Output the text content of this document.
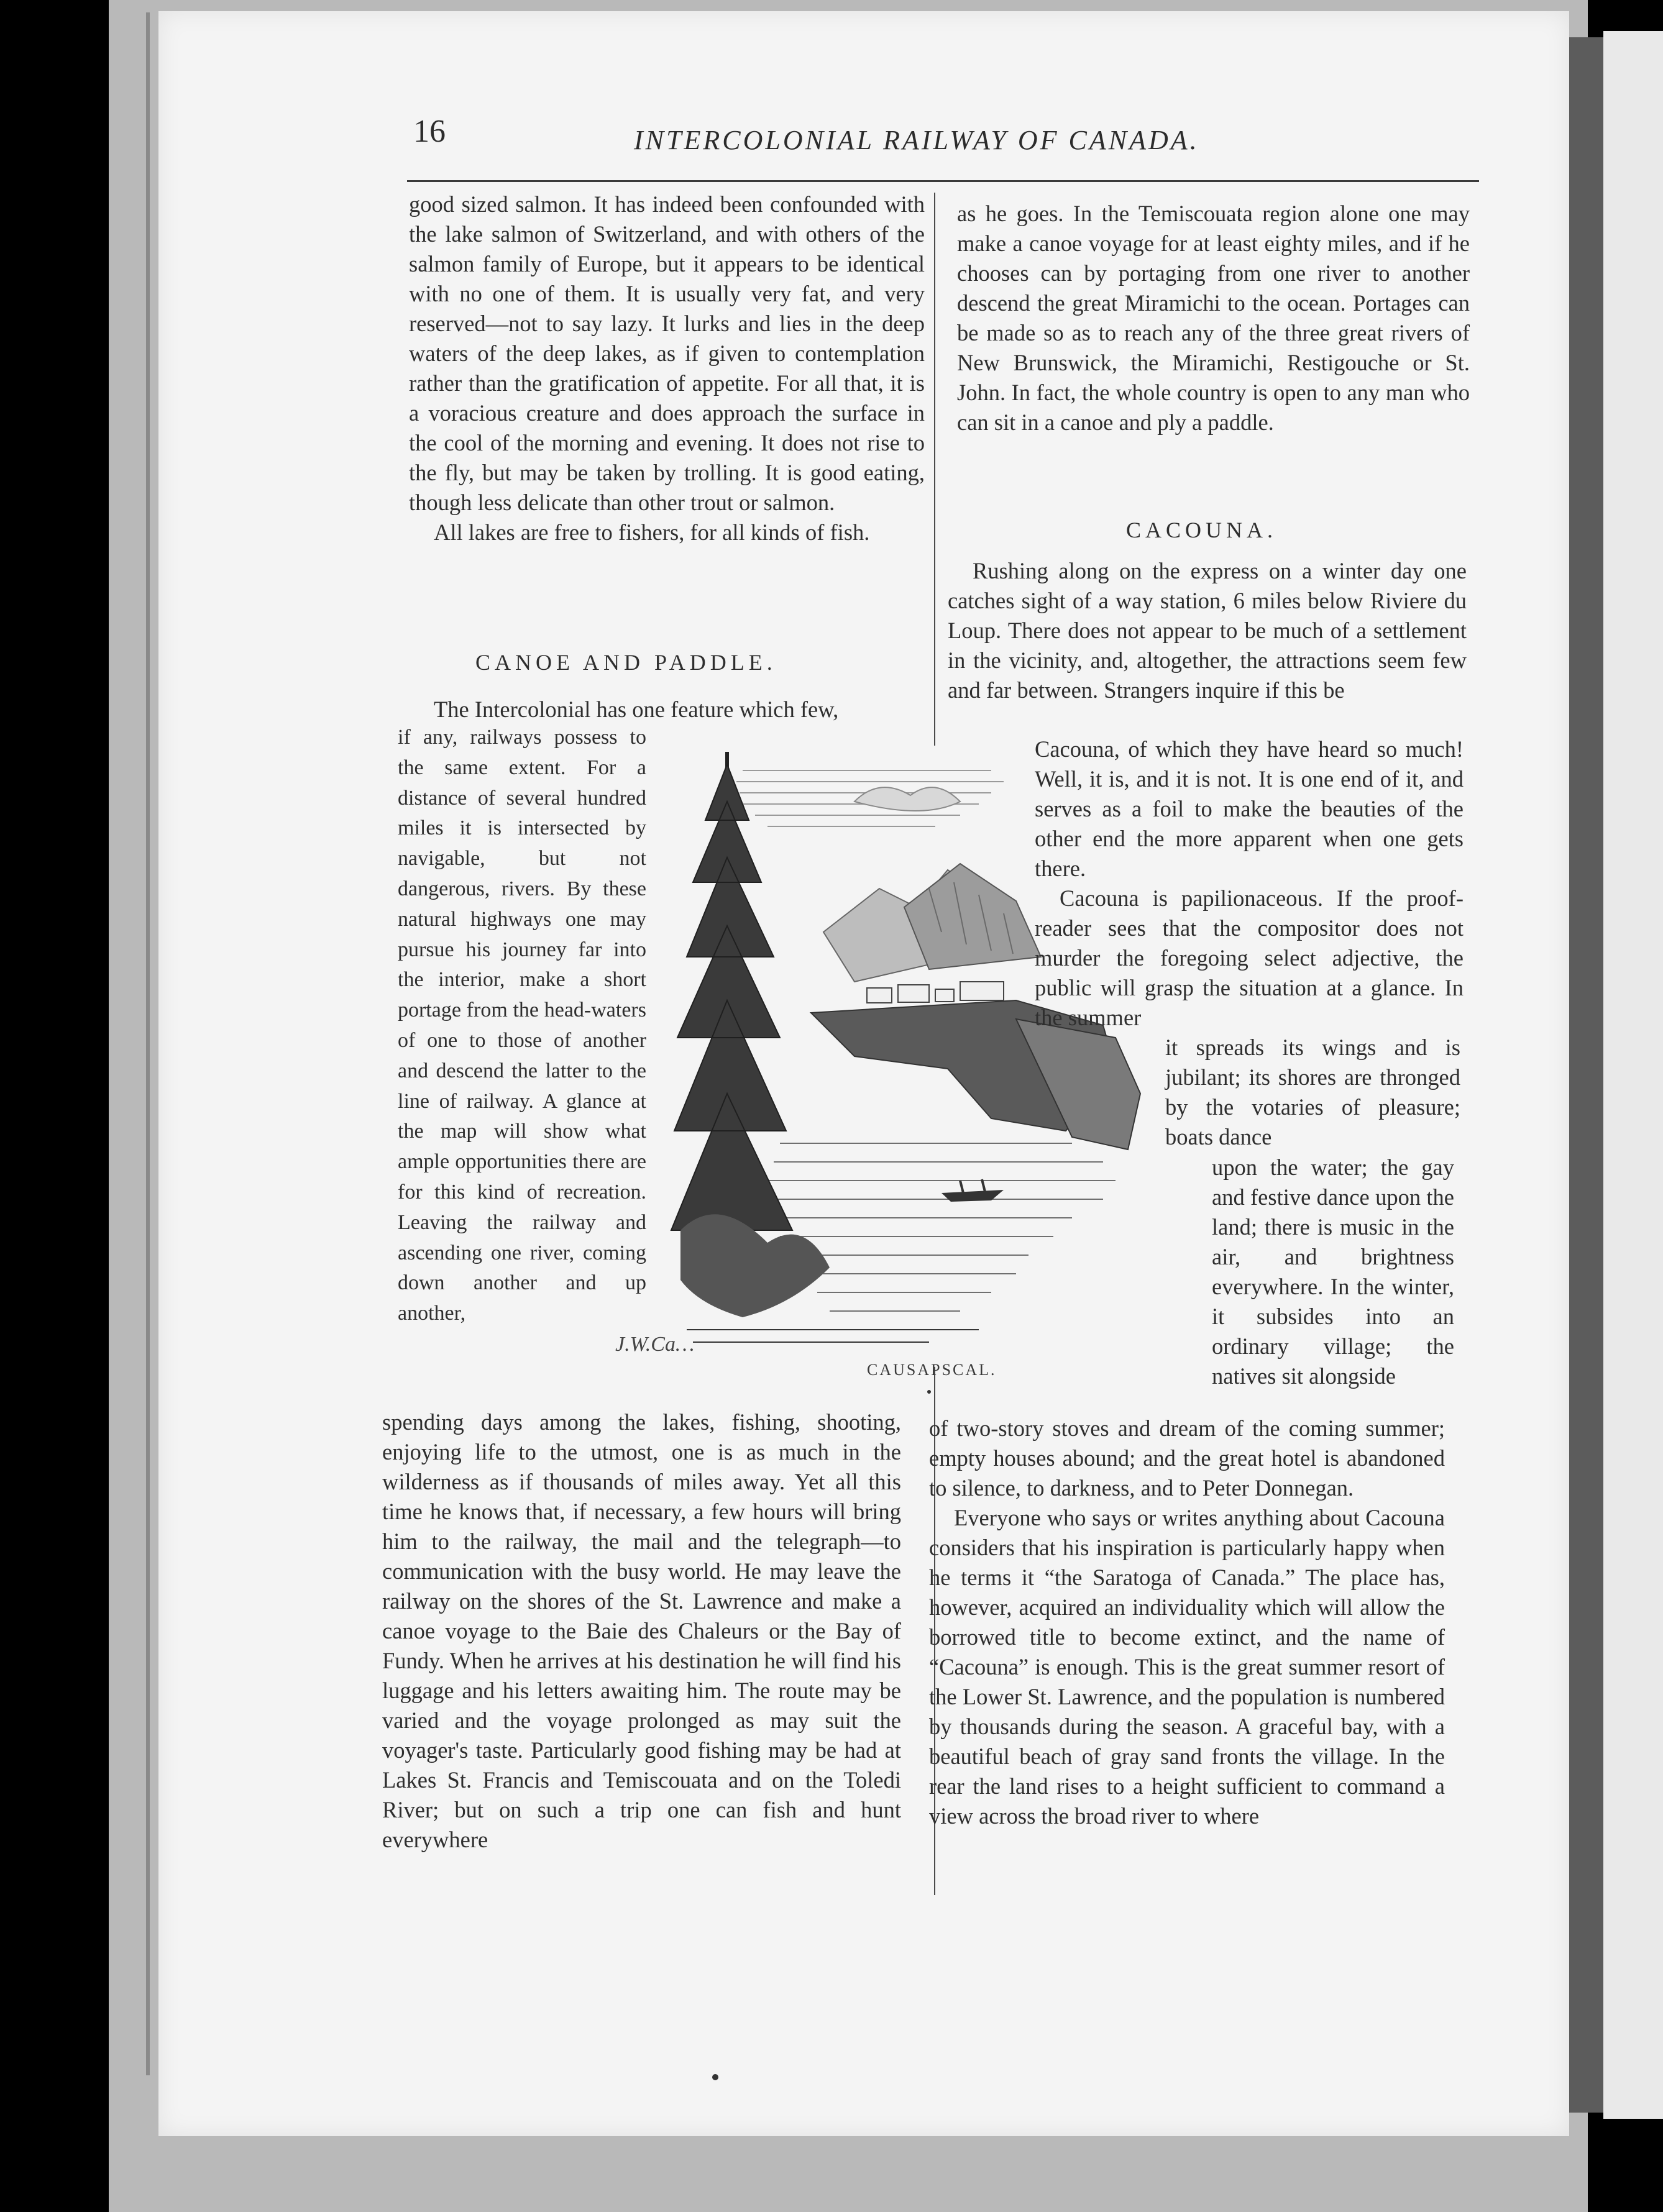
16	INTERCOLONIAL RAILWAY OF CANADA.

good sized salmon. It has indeed been confounded with the lake salmon of Switzerland, and with others of the salmon family of Europe, but it appears to be identical with no one of them. It is usually very fat, and very reserved—not to say lazy. It lurks and lies in the deep waters of the deep lakes, as if given to contemplation rather than the gratification of appetite. For all that, it is a voracious creature and does approach the surface in the cool of the morning and evening. It does not rise to the fly, but may be taken by trolling. It is good eating, though less delicate than other trout or salmon.

All lakes are free to fishers, for all kinds of fish.

CANOE AND PADDLE.

The Intercolonial has one feature which few,

if any, railways possess to the same extent. For a distance of several hundred miles it is intersected by navigable, but not dangerous, rivers. By these natural highways one may pursue his journey far into the interior, make a short portage from the head-waters of one to those of another and descend the latter to the line of railway. A glance at the map will show what ample opportunities there are for this kind of recreation. Leaving the railway and ascending one river, coming down another and up another,

spending days among the lakes, fishing, shooting, enjoying life to the utmost, one is as much in the wilderness as if thousands of miles away. Yet all this time he knows that, if necessary, a few hours will bring him to the railway, the mail and the telegraph—to communication with the busy world. He may leave the railway on the shores of the St. Lawrence and make a canoe voyage to the Baie des Chaleurs or the Bay of Fundy. When he arrives at his destination he will find his luggage and his letters awaiting him. The route may be varied and the voyage prolonged as may suit the voyager's taste. Particularly good fishing may be had at Lakes St. Francis and Temiscouata and on the Toledi River; but on such a trip one can fish and hunt everywhere

J.W.Ca…
CAUSAPSCAL.

as he goes. In the Temiscouata region alone one may make a canoe voyage for at least eighty miles, and if he chooses can by portaging from one river to another descend the great Miramichi to the ocean. Portages can be made so as to reach any of the three great rivers of New Brunswick, the Miramichi, Restigouche or St. John. In fact, the whole country is open to any man who can sit in a canoe and ply a paddle.

CACOUNA.

Rushing along on the express on a winter day one catches sight of a way station, 6 miles below Riviere du Loup. There does not appear to be much of a settlement in the vicinity, and, altogether, the attractions seem few and far between. Strangers inquire if this be

Cacouna, of which they have heard so much! Well, it is, and it is not. It is one end of it, and serves as a foil to make the beauties of the other end the more apparent when one gets there.

Cacouna is papilionaceous. If the proof-reader sees that the compositor does not murder the foregoing select adjective, the public will grasp the situation at a glance. In the summer

it spreads its wings and is jubilant; its shores are thronged by the votaries of pleasure; boats dance

upon the water; the gay and festive dance upon the land; there is music in the air, and brightness everywhere. In the winter, it subsides into an ordinary village; the natives sit alongside

of two-story stoves and dream of the coming summer; empty houses abound; and the great hotel is abandoned to silence, to darkness, and to Peter Donnegan.

Everyone who says or writes anything about Cacouna considers that his inspiration is particularly happy when he terms it “the Saratoga of Canada.” The place has, however, acquired an individuality which will allow the borrowed title to become extinct, and the name of “Cacouna” is enough. This is the great summer resort of the Lower St. Lawrence, and the population is numbered by thousands during the season. A graceful bay, with a beautiful beach of gray sand fronts the village. In the rear the land rises to a height sufficient to command a view across the broad river to where
